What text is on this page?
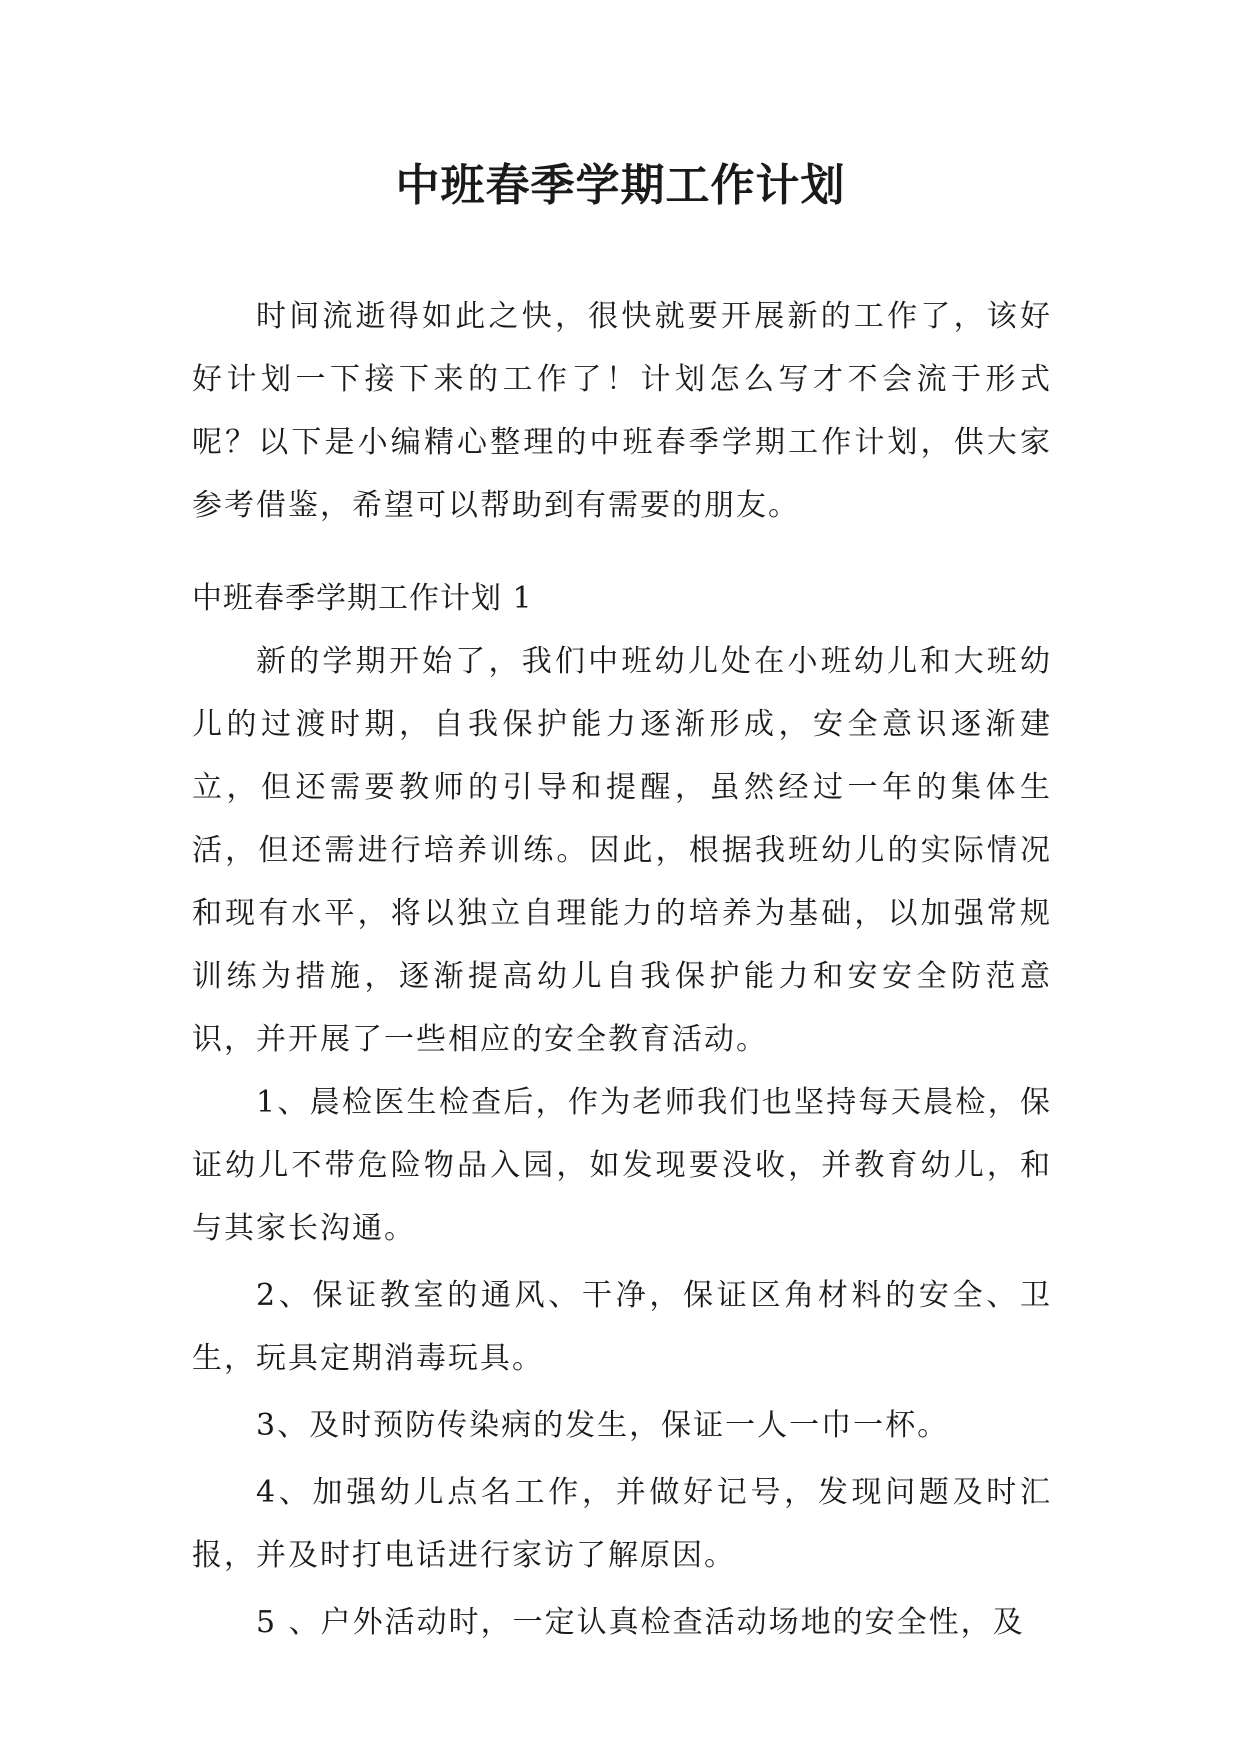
中班春季学期工作计划

时间流逝得如此之快，很快就要开展新的工作了，该好好计划一下接下来的工作了！计划怎么写才不会流于形式呢？以下是小编精心整理的中班春季学期工作计划，供大家参考借鉴，希望可以帮助到有需要的朋友。

中班春季学期工作计划 1

新的学期开始了，我们中班幼儿处在小班幼儿和大班幼儿的过渡时期，自我保护能力逐渐形成，安全意识逐渐建立，但还需要教师的引导和提醒，虽然经过一年的集体生活，但还需进行培养训练。因此，根据我班幼儿的实际情况和现有水平，将以独立自理能力的培养为基础，以加强常规训练为措施，逐渐提高幼儿自我保护能力和安安全防范意识，并开展了一些相应的安全教育活动。

1、晨检医生检查后，作为老师我们也坚持每天晨检，保证幼儿不带危险物品入园，如发现要没收，并教育幼儿，和与其家长沟通。

2、保证教室的通风、干净，保证区角材料的安全、卫生，玩具定期消毒玩具。

3、及时预防传染病的发生，保证一人一巾一杯。

4、加强幼儿点名工作，并做好记号，发现问题及时汇报，并及时打电话进行家访了解原因。

5 、户外活动时，一定认真检查活动场地的安全性，及
